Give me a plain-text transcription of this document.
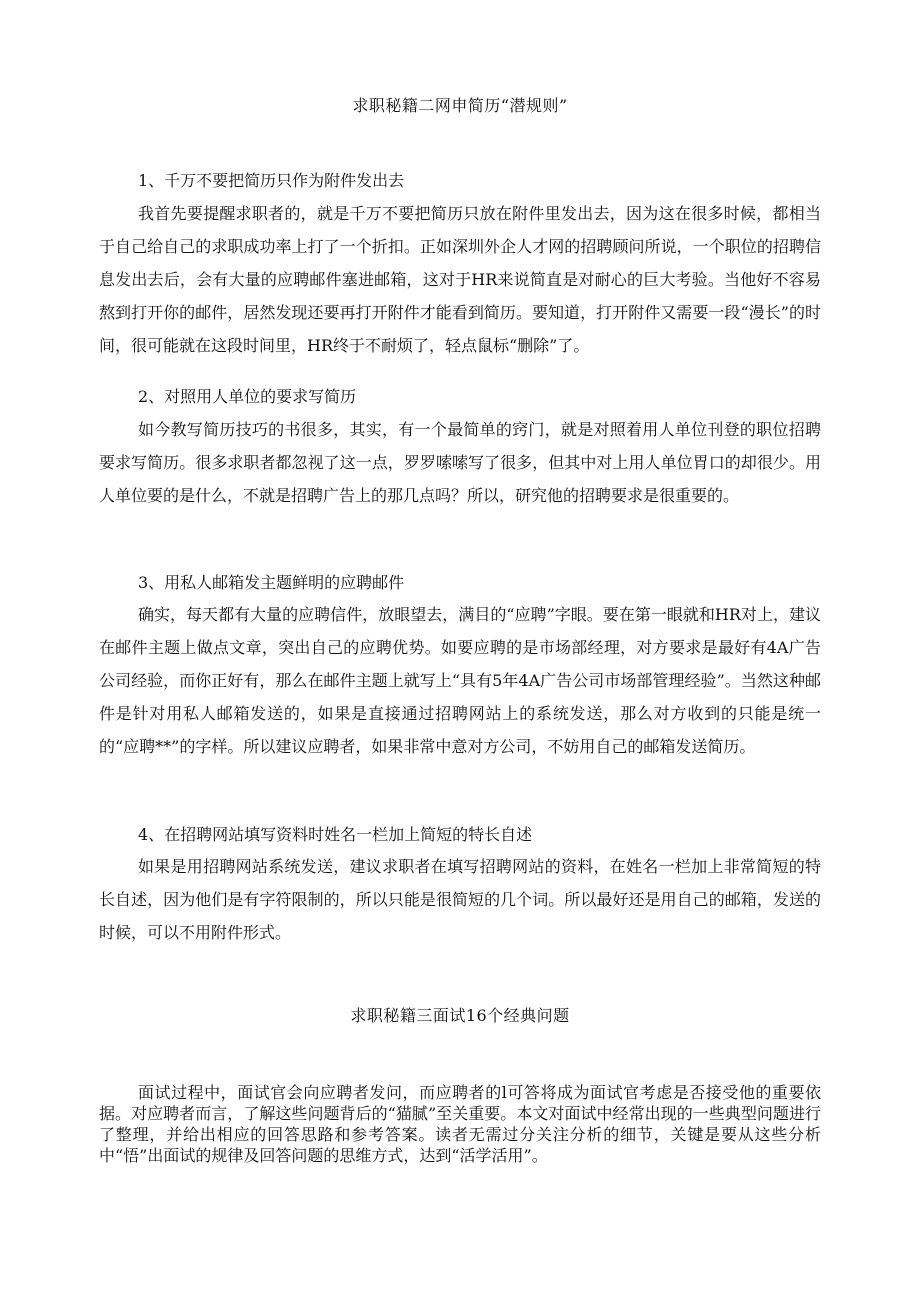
求职秘籍二网申简历“潜规则”
1、千万不要把简历只作为附件发出去

我首先要提醒求职者的，就是千万不要把简历只放在附件里发出去，因为这在很多时候，都相当于自己给自己的求职成功率上打了一个折扣。正如深圳外企人才网的招聘顾问所说，一个职位的招聘信息发出去后，会有大量的应聘邮件塞进邮箱，这对于HR来说简直是对耐心的巨大考验。当他好不容易熬到打开你的邮件，居然发现还要再打开附件才能看到简历。要知道，打开附件又需要一段“漫长”的时间，很可能就在这段时间里，HR终于不耐烦了，轻点鼠标“删除”了。

2、对照用人单位的要求写简历

如今教写简历技巧的书很多，其实，有一个最简单的窍门，就是对照着用人单位刊登的职位招聘要求写简历。很多求职者都忽视了这一点，罗罗嗦嗦写了很多，但其中对上用人单位胃口的却很少。用人单位要的是什么，不就是招聘广告上的那几点吗？所以，研究他的招聘要求是很重要的。

3、用私人邮箱发主题鲜明的应聘邮件

确实，每天都有大量的应聘信件，放眼望去，满目的“应聘”字眼。要在第一眼就和HR对上，建议在邮件主题上做点文章，突出自己的应聘优势。如要应聘的是市场部经理，对方要求是最好有4A广告公司经验，而你正好有，那么在邮件主题上就写上“具有5年4A广告公司市场部管理经验”。当然这种邮件是针对用私人邮箱发送的，如果是直接通过招聘网站上的系统发送，那么对方收到的只能是统一的“应聘**”的字样。所以建议应聘者，如果非常中意对方公司，不妨用自己的邮箱发送简历。

4、在招聘网站填写资料时姓名一栏加上简短的特长自述

如果是用招聘网站系统发送，建议求职者在填写招聘网站的资料，在姓名一栏加上非常简短的特长自述，因为他们是有字符限制的，所以只能是很简短的几个词。所以最好还是用自己的邮箱，发送的时候，可以不用附件形式。

求职秘籍三面试16个经典问题

面试过程中，面试官会向应聘者发问，而应聘者的l可答将成为面试官考虑是否接受他的重要依据。对应聘者而言，了解这些问题背后的“猫腻”至关重要。本文对面试中经常出现的一些典型问题进行了整理，并给出相应的回答思路和参考答案。读者无需过分关注分析的细节，关键是要从这些分析中“悟”出面试的规律及回答问题的思维方式，达到“活学活用”。
